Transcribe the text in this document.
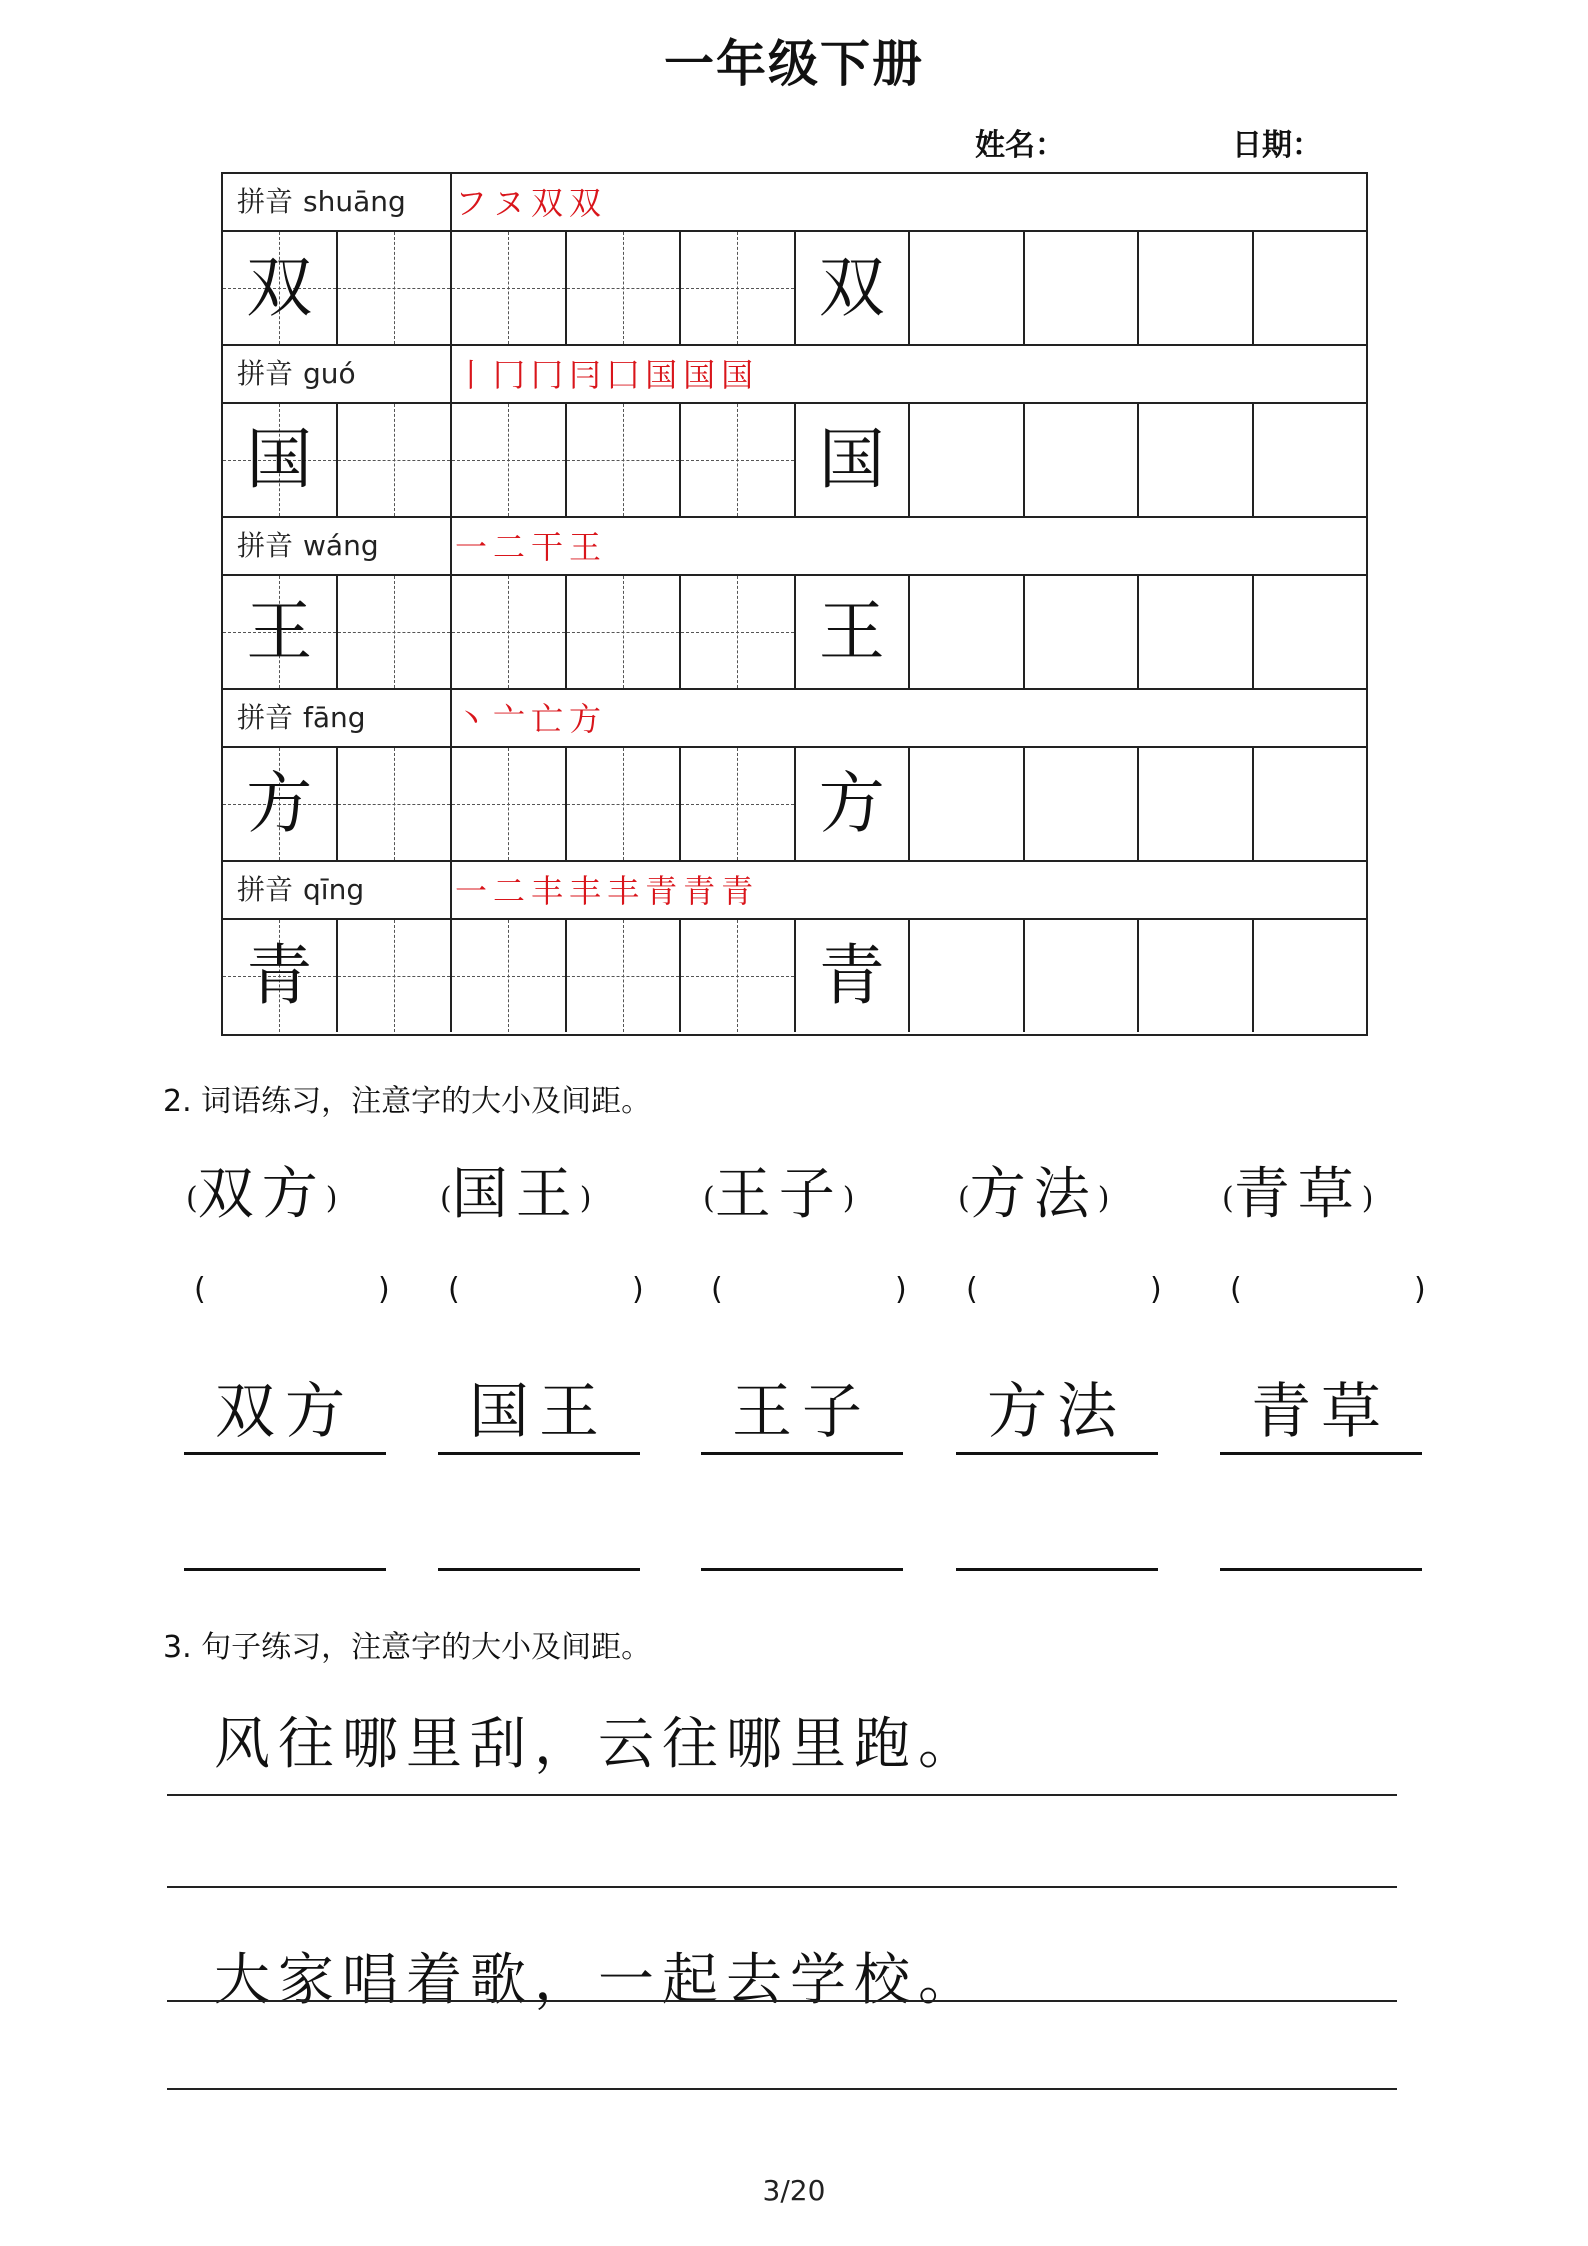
一年级下册
姓名：	日期：
拼音 shuāng	フ ヌ 双 双
双	双
拼音 guó	丨 冂 冂 冃 囗 国 国 国
国	国
拼音 wáng	一 二 干 王
王	王
拼音 fāng	丶 亠 亡 方
方	方
拼音 qīng	一 二 丰 丰 丰 青 青 青
青	青
2. 词语练习，注意字的大小及间距。
(双方)
(	)
双方
(国王)
(	)
国王
(王子)
(	)
王子
(方法)
(	)
方法
(青草)
(	)
青草
3. 句子练习，注意字的大小及间距。
风往哪里刮，云往哪里跑。
大家唱着歌，一起去学校。
3/20
